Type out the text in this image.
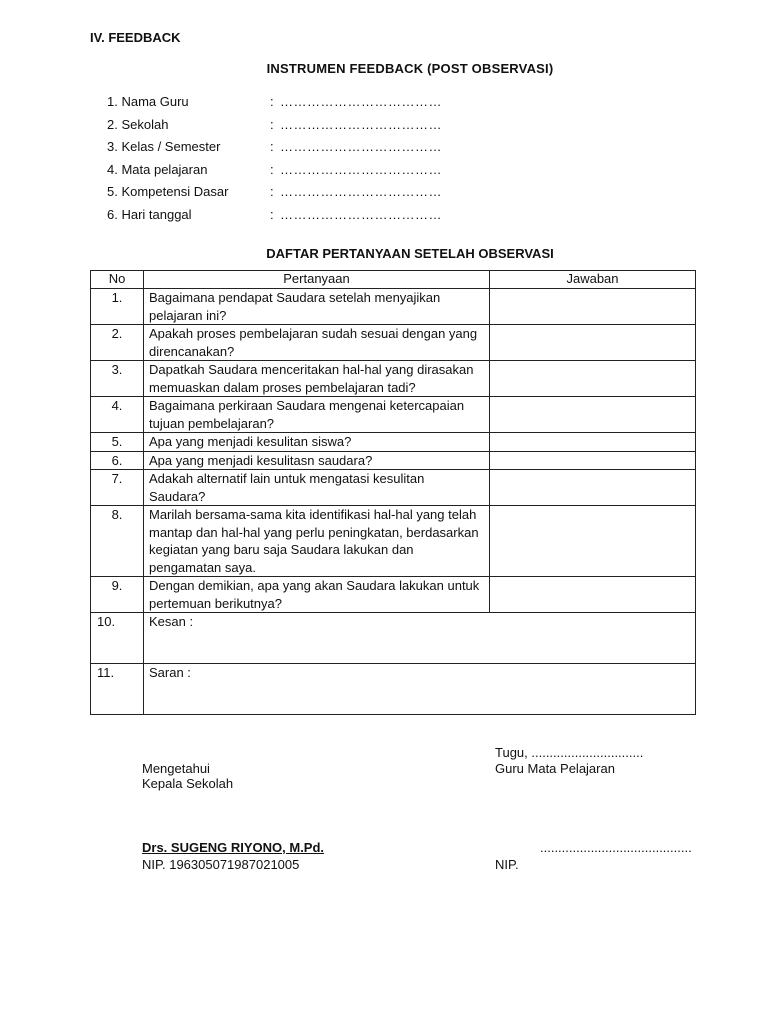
IV. FEEDBACK
INSTRUMEN FEEDBACK (POST OBSERVASI)
1. Nama Guru	: ………………………………
2. Sekolah	: ………………………………
3. Kelas / Semester	: ………………………………
4. Mata pelajaran	: ………………………………
5. Kompetensi Dasar	: ………………………………
6. Hari tanggal	: ………………………………
DAFTAR PERTANYAAN SETELAH OBSERVASI
No	Pertanyaan	Jawaban
1.	Bagaimana pendapat Saudara setelah menyajikan pelajaran ini?	
2.	Apakah proses pembelajaran sudah sesuai dengan yang direncanakan?	
3.	Dapatkah Saudara menceritakan hal-hal yang dirasakan memuaskan dalam proses pembelajaran tadi?	
4.	Bagaimana perkiraan Saudara mengenai ketercapaian tujuan pembelajaran?	
5.	Apa yang menjadi kesulitan siswa?	
6.	Apa yang menjadi kesulitasn saudara?	
7.	Adakah alternatif lain untuk mengatasi kesulitan Saudara?	
8.	Marilah bersama-sama kita identifikasi hal-hal yang telah mantap dan hal-hal yang perlu peningkatan, berdasarkan kegiatan yang baru saja Saudara lakukan dan pengamatan saya.	
9.	Dengan demikian, apa yang akan Saudara lakukan untuk pertemuan berikutnya?	
10.	Kesan :	
11.	Saran :	
Tugu, ...............................
Mengetahui	Guru Mata Pelajaran
Kepala Sekolah
Drs. SUGENG RIYONO, M.Pd.	..........................................
NIP. 196305071987021005	NIP.
